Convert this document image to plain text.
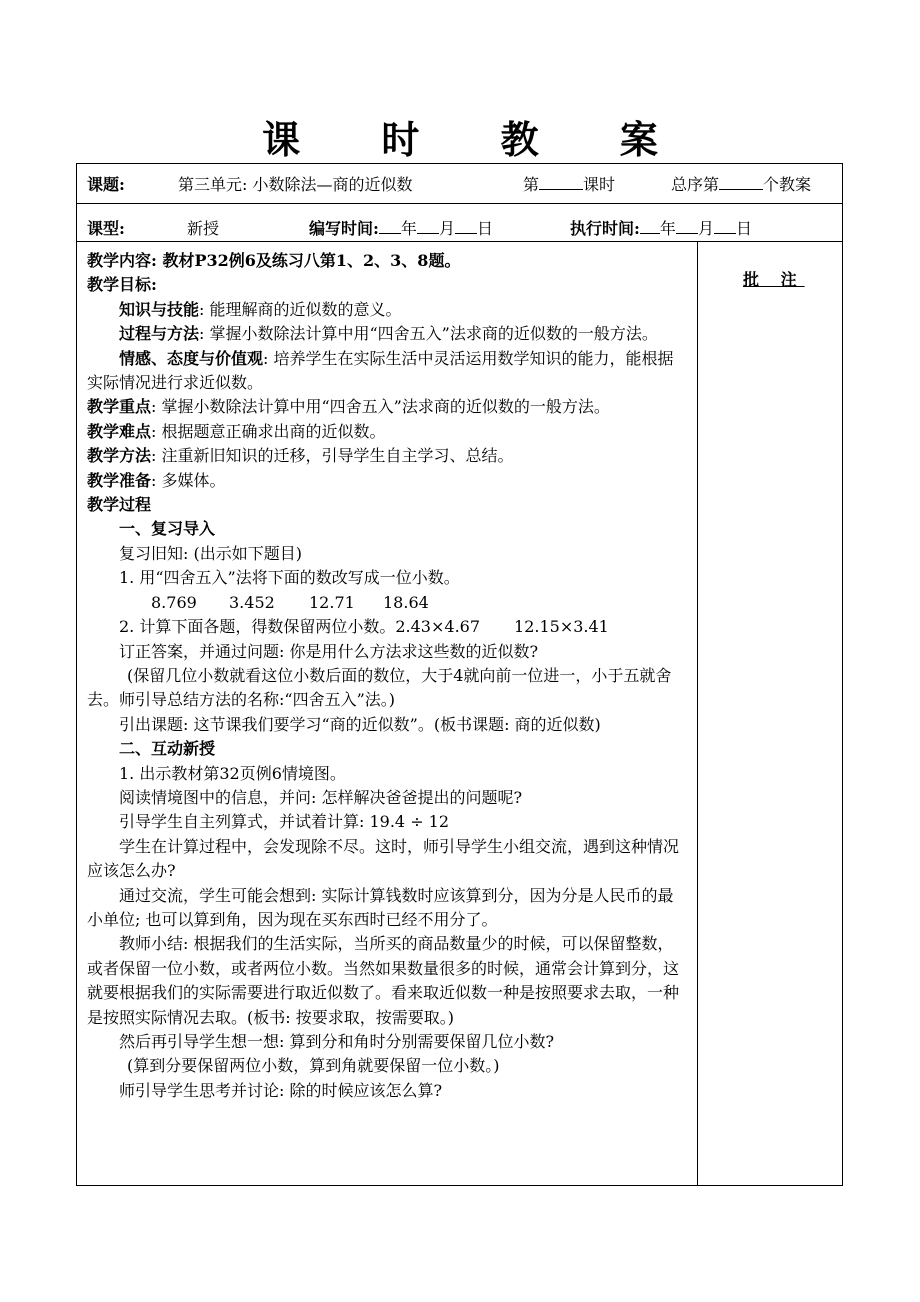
课 时 教 案
课题:	第三单元: 小数除法—商的近似数	第	课时	总序第	个教案
课型:	新授	编写时间: 年 月 日	执行时间: 年 月 日
批 注

教学内容: 教材P32例6及练习八第1、2、3、8题。

教学目标:

知识与技能: 能理解商的近似数的意义。

过程与方法: 掌握小数除法计算中用“四舍五入”法求商的近似数的一般方法。

情感、态度与价值观: 培养学生在实际生活中灵活运用数学知识的能力，能根据实际情况进行求近似数。

教学重点: 掌握小数除法计算中用“四舍五入”法求商的近似数的一般方法。

教学难点: 根据题意正确求出商的近似数。

教学方法: 注重新旧知识的迁移，引导学生自主学习、总结。

教学准备: 多媒体。

教学过程

一、复习导入

复习旧知: (出示如下题目)

1. 用“四舍五入”法将下面的数改写成一位小数。

8.769 3.452 12.71 18.64

2. 计算下面各题，得数保留两位小数。2.43×4.67 12.15×3.41

订正答案，并通过问题: 你是用什么方法求这些数的近似数?

(保留几位小数就看这位小数后面的数位，大于4就向前一位进一，小于五就舍去。师引导总结方法的名称:“四舍五入”法。)

引出课题: 这节课我们要学习“商的近似数”。(板书课题: 商的近似数)

二、互动新授

1. 出示教材第32页例6情境图。

阅读情境图中的信息，并问: 怎样解决爸爸提出的问题呢?

引导学生自主列算式，并试着计算: 19.4 ÷ 12

学生在计算过程中，会发现除不尽。这时，师引导学生小组交流，遇到这种情况应该怎么办?

通过交流，学生可能会想到: 实际计算钱数时应该算到分，因为分是人民币的最小单位; 也可以算到角，因为现在买东西时已经不用分了。

教师小结: 根据我们的生活实际，当所买的商品数量少的时候，可以保留整数，或者保留一位小数，或者两位小数。当然如果数量很多的时候，通常会计算到分，这就要根据我们的实际需要进行取近似数了。看来取近似数一种是按照要求去取，一种是按照实际情况去取。(板书: 按要求取，按需要取。)

然后再引导学生想一想: 算到分和角时分别需要保留几位小数?

(算到分要保留两位小数，算到角就要保留一位小数。)

师引导学生思考并讨论: 除的时候应该怎么算?
